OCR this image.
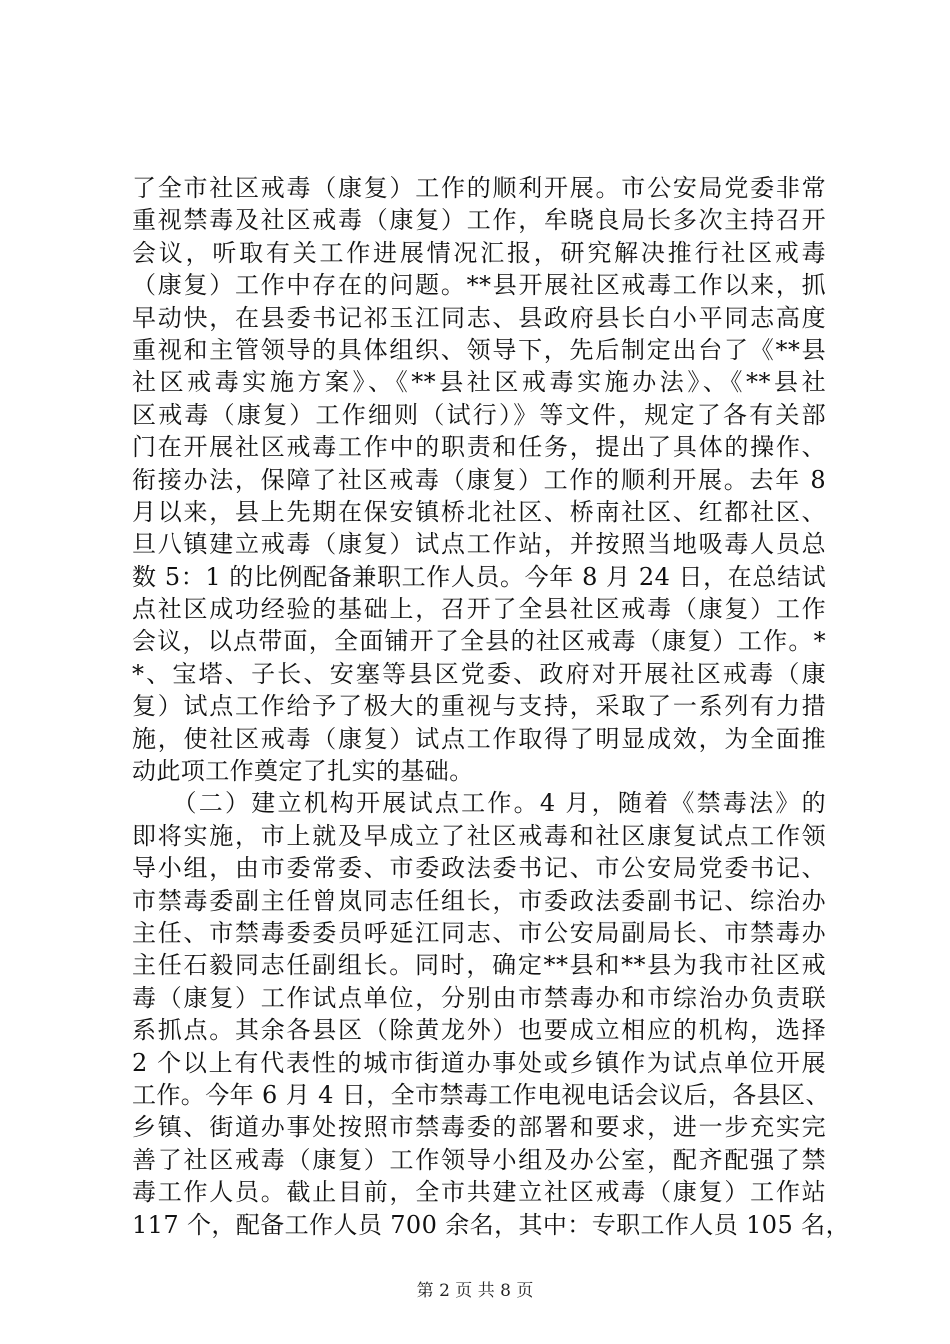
了全市社区戒毒（康复）工作的顺利开展。市公安局党委非常
重视禁毒及社区戒毒（康复）工作，牟晓良局长多次主持召开
会议，听取有关工作进展情况汇报，研究解决推行社区戒毒
（康复）工作中存在的问题。**县开展社区戒毒工作以来，抓
早动快，在县委书记祁玉江同志、县政府县长白小平同志高度
重视和主管领导的具体组织、领导下，先后制定出台了《**县
社区戒毒实施方案》、《**县社区戒毒实施办法》、《**县社
区戒毒（康复）工作细则（试行）》等文件，规定了各有关部
门在开展社区戒毒工作中的职责和任务，提出了具体的操作、
衔接办法，保障了社区戒毒（康复）工作的顺利开展。去年 8
月以来，县上先期在保安镇桥北社区、桥南社区、红都社区、
旦八镇建立戒毒（康复）试点工作站，并按照当地吸毒人员总
数 5：1 的比例配备兼职工作人员。今年 8 月 24 日，在总结试
点社区成功经验的基础上，召开了全县社区戒毒（康复）工作
会议，以点带面，全面铺开了全县的社区戒毒（康复）工作。*
*、宝塔、子长、安塞等县区党委、政府对开展社区戒毒（康
复）试点工作给予了极大的重视与支持，采取了一系列有力措
施，使社区戒毒（康复）试点工作取得了明显成效，为全面推
动此项工作奠定了扎实的基础。
　　（二）建立机构开展试点工作。4 月，随着《禁毒法》的
即将实施，市上就及早成立了社区戒毒和社区康复试点工作领
导小组，由市委常委、市委政法委书记、市公安局党委书记、
市禁毒委副主任曾岚同志任组长，市委政法委副书记、综治办
主任、市禁毒委委员呼延江同志、市公安局副局长、市禁毒办
主任石毅同志任副组长。同时，确定**县和**县为我市社区戒
毒（康复）工作试点单位，分别由市禁毒办和市综治办负责联
系抓点。其余各县区（除黄龙外）也要成立相应的机构，选择
2 个以上有代表性的城市街道办事处或乡镇作为试点单位开展
工作。今年 6 月 4 日，全市禁毒工作电视电话会议后，各县区、
乡镇、街道办事处按照市禁毒委的部署和要求，进一步充实完
善了社区戒毒（康复）工作领导小组及办公室，配齐配强了禁
毒工作人员。截止目前，全市共建立社区戒毒（康复）工作站
117 个，配备工作人员 700 余名，其中：专职工作人员 105 名，
第 2 页 共 8 页
